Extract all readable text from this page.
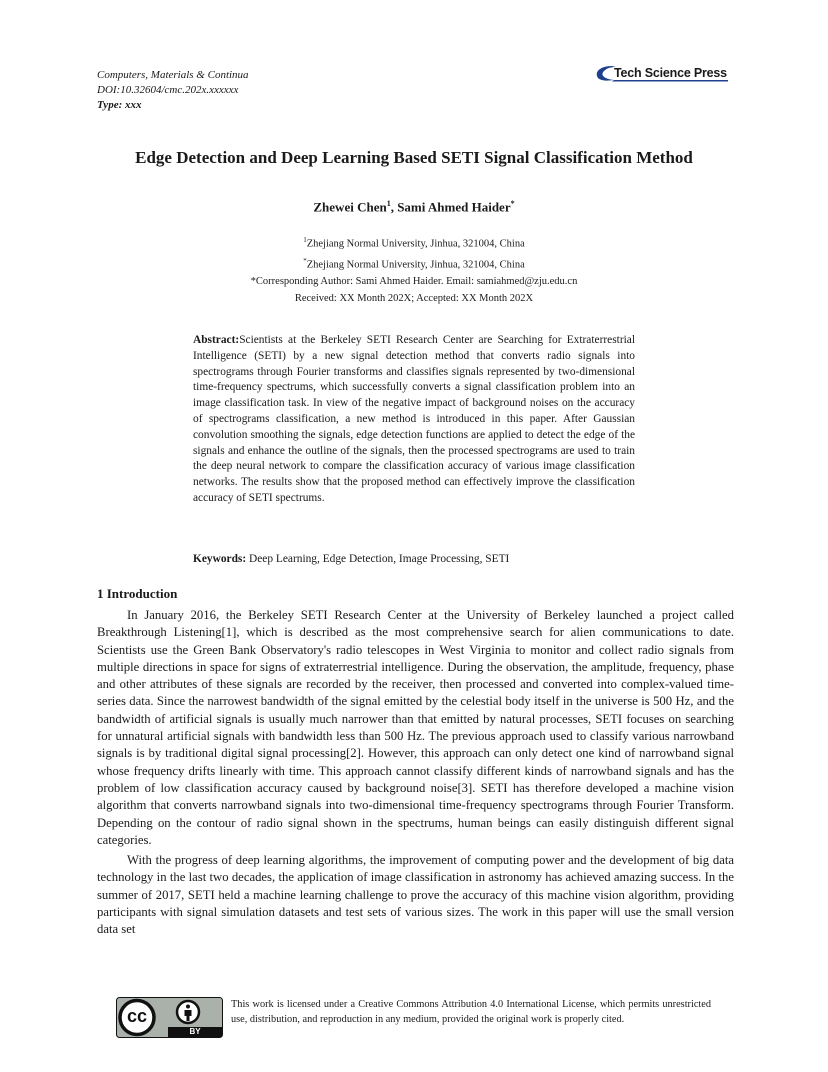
Computers, Materials & Continua
DOI:10.32604/cmc.202x.xxxxxx
Type: xxx
Tech Science Press
Edge Detection and Deep Learning Based SETI Signal Classification Method
Zhewei Chen$^1$, Sami Ahmed Haider*
$^1$Zhejiang Normal University, Jinhua, 321004, China
*Zhejiang Normal University, Jinhua, 321004, China
*Corresponding Author: Sami Ahmed Haider. Email: samiahmed@zju.edu.cn
Received: XX Month 202X; Accepted: XX Month 202X
Abstract:Scientists at the Berkeley SETI Research Center are Searching for Extraterrestrial Intelligence (SETI) by a new signal detection method that converts radio signals into spectrograms through Fourier transforms and classifies signals represented by two-dimensional time-frequency spectrums, which successfully converts a signal classification problem into an image classification task. In view of the negative impact of background noises on the accuracy of spectrograms classification, a new method is introduced in this paper. After Gaussian convolution smoothing the signals, edge detection functions are applied to detect the edge of the signals and enhance the outline of the signals, then the processed spectrograms are used to train the deep neural network to compare the classification accuracy of various image classification networks. The results show that the proposed method can effectively improve the classification accuracy of SETI spectrums.
Keywords: Deep Learning, Edge Detection, Image Processing, SETI
1 Introduction

In January 2016, the Berkeley SETI Research Center at the University of Berkeley launched a project called Breakthrough Listening[1], which is described as the most comprehensive search for alien communications to date. Scientists use the Green Bank Observatory's radio telescopes in West Virginia to monitor and collect radio signals from multiple directions in space for signs of extraterrestrial intelligence. During the observation, the amplitude, frequency, phase and other attributes of these signals are recorded by the receiver, then processed and converted into complex-valued time-series data. Since the narrowest bandwidth of the signal emitted by the celestial body itself in the universe is 500 Hz, and the bandwidth of artificial signals is usually much narrower than that emitted by natural processes, SETI focuses on searching for unnatural artificial signals with bandwidth less than 500 Hz. The previous approach used to classify various narrowband signals is by traditional digital signal processing[2]. However, this approach can only detect one kind of narrowband signal whose frequency drifts linearly with time. This approach cannot classify different kinds of narrowband signals and has the problem of low classification accuracy caused by background noise[3]. SETI has therefore developed a machine vision algorithm that converts narrowband signals into two-dimensional time-frequency spectrograms through Fourier Transform. Depending on the contour of radio signal shown in the spectrums, human beings can easily distinguish different signal categories.

With the progress of deep learning algorithms, the improvement of computing power and the development of big data technology in the last two decades, the application of image classification in astronomy has achieved amazing success. In the summer of 2017, SETI held a machine learning challenge to prove the accuracy of this machine vision algorithm, providing participants with signal simulation datasets and test sets of various sizes. The work in this paper will use the small version data set

cc
BY
This work is licensed under a Creative Commons Attribution 4.0 International License, which permits unrestricted use, distribution, and reproduction in any medium, provided the original work is properly cited.
